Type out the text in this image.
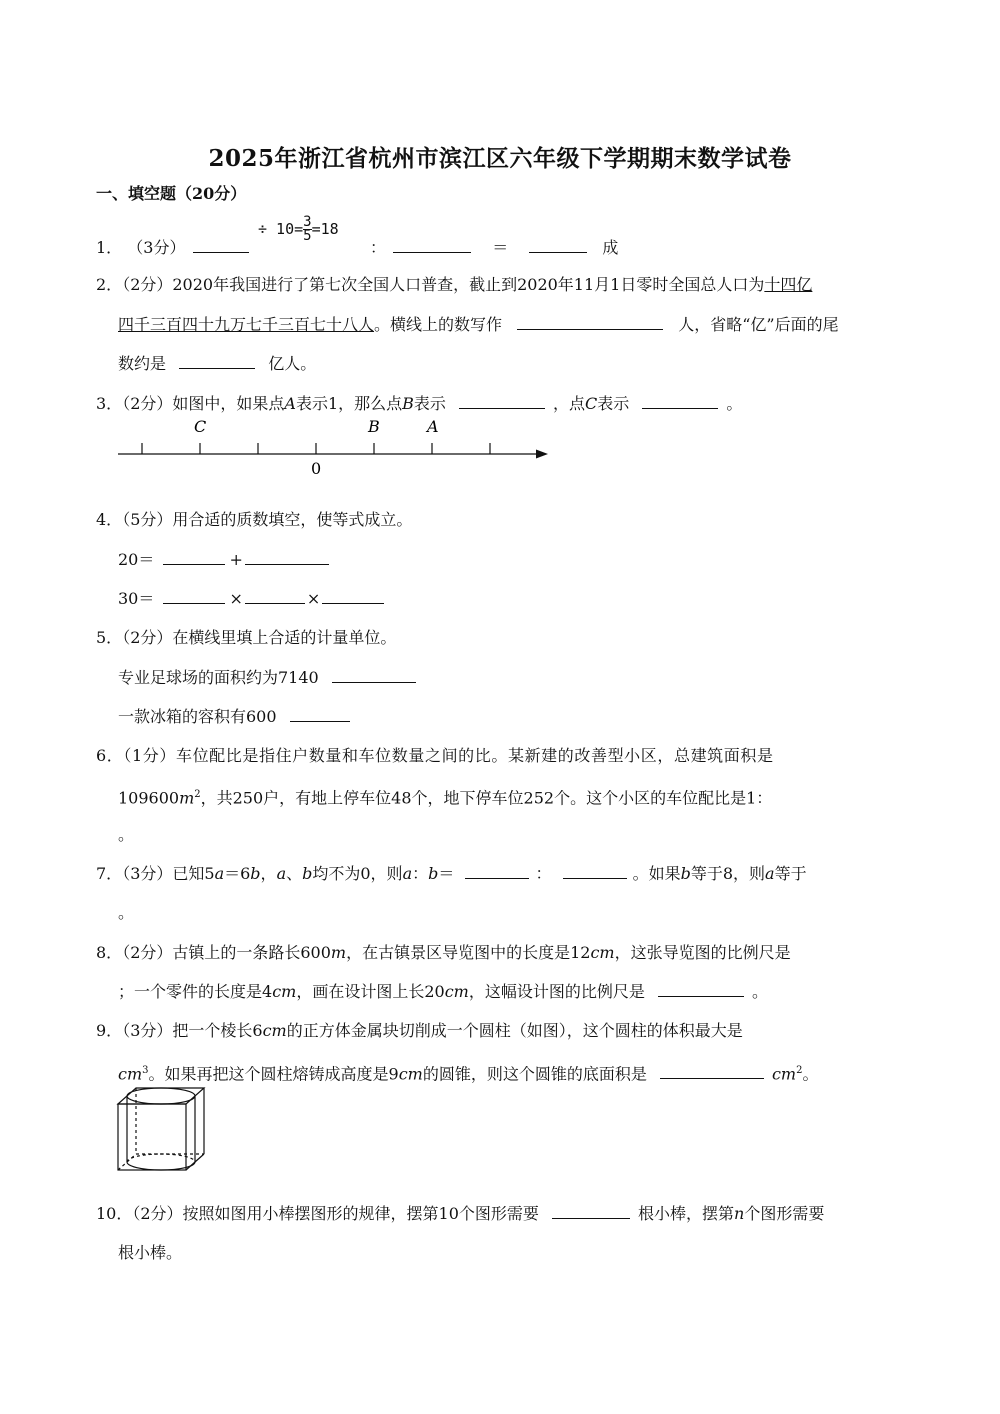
2025年浙江省杭州市滨江区六年级下学期期末数学试卷
一、填空题（20分）
1． （3分）
÷ $10= \frac{3}{5} =18$
：	＝	成
2．（2分）2020年我国进行了第七次全国人口普查，截止到2020年11月1日零时全国总人口为十四亿
四千三百四十九万七千三百七十八人。横线上的数写作	人，省略“亿”后面的尾
数约是	亿人。
3．（2分）如图中，如果点A表示1，那么点B表示	，点C表示	。
C	B	A
0
4．（5分）用合适的质数填空，使等式成立。
20＝	+
30＝	×	×
5．（2分）在横线里填上合适的计量单位。
专业足球场的面积约为7140
一款冰箱的容积有600
6．（1分）车位配比是指住户数量和车位数量之间的比。某新建的改善型小区，总建筑面积是
$109600m^2$，共250户，有地上停车位48个，地下停车位252个。这个小区的车位配比是1：
。
7．（3分）已知5a＝6b，a、b均不为0，则a：b＝	：	。如果b等于8，则a等于
。
8．（2分）古镇上的一条路长600m，在古镇景区导览图中的长度是12cm，这张导览图的比例尺是
；一个零件的长度是4cm，画在设计图上长20cm，这幅设计图的比例尺是	。
9．（3分）把一个棱长6cm的正方体金属块切削成一个圆柱（如图），这个圆柱的体积最大是
$cm^3$。如果再把这个圆柱熔铸成高度是9cm的圆锥，则这个圆锥的底面积是	$cm^2$。
10．（2分）按照如图用小棒摆图形的规律，摆第10个图形需要	根小棒，摆第n个图形需要
根小棒。
